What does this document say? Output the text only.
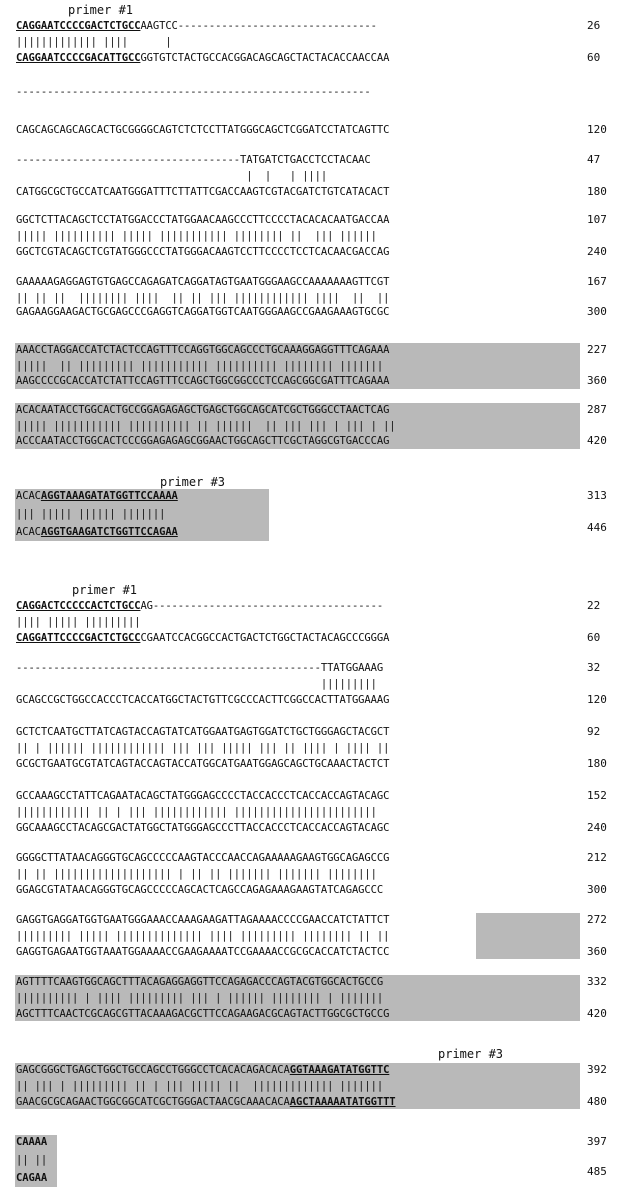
primer #1
CAGGAATCCCCGACTCTGCCAAGTCC--------------------------------
||||||||||||| ||||      |
CAGGAATCCCCGACATTGCCGGTGTCTACTGCCACGGACAGCAGCTACTACACCAACCAA
26
60
---------------------------------------------------------
CAGCAGCAGCAGCACTGCGGGGCAGTCTCTCCTTATGGGCAGCTCGGATCCTATCAGTTC	120
------------------------------------TATGATCTGACCTCCTACAAC
|  |   | ||||
CATGGCGCTGCCATCAATGGGATTTCTTATTCGACCAAGTCGTACGATCTGTCATACACT
47
180
GGCTCTTACAGCTCCTATGGACCCTATGGAACAAGCCCTTCCCCTACACACAATGACCAA
||||| |||||||||| ||||| ||||||||||| |||||||| ||  ||| ||||||
GGCTCGTACAGCTCGTATGGGCCCTATGGGACAAGTCCTTCCCCTCCTCACAACGACCAG
107
240
GAAAAAGAGGAGTGTGAGCCAGAGATCAGGATAGTGAATGGGAAGCCAAAAAAAGTTCGT
|| || ||  |||||||| ||||  || || ||| |||||||||||| ||||  ||  ||
GAGAAGGAAGACTGCGAGCCCGAGGTCAGGATGGTCAATGGGAAGCCGAAGAAAGTGCGC
167
300
AAACCTAGGACCATCTACTCCAGTTTCCAGGTGGCAGCCCTGCAAAGGAGGTTTCAGAAA
|||||  || ||||||||| ||||||||||| |||||||||| |||||||| |||||||
AAGCCCCGCACCATCTATTCCAGTTTCCAGCTGGCGGCCCTCCAGCGGCGATTTCAGAAA
227
360
ACACAATACCTGGCACTGCCGGAGAGAGCTGAGCTGGCAGCATCGCTGGGCCTAACTCAG
||||| ||||||||||| |||||||||| || ||||||  || ||| ||| | ||| | ||
ACCCAATACCTGGCACTCCCGGAGAGAGCGGAACTGGCAGCTTCGCTAGGCGTGACCCAG
287
420
primer #3
ACACAGGTAAAGATATGGTTCCAAAA
||| ||||| |||||| |||||||
ACACAGGTGAAGATCTGGTTCCAGAA
313
446
primer #1
CAGGACTCCCCCACTCTGCCAG-------------------------------------
|||| ||||| |||||||||
CAGGATTCCCCGACTCTGCCCGAATCCACGGCCACTGACTCTGGCTACTACAGCCCGGGA
22
60
-------------------------------------------------TTATGGAAAG
|||||||||
GCAGCCGCTGGCCACCCTCACCATGGCTACTGTTCGCCCACTTCGGCCACTTATGGAAAG
32
120
GCTCTCAATGCTTATCAGTACCAGTATCATGGAATGAGTGGATCTGCTGGGAGCTACGCT
|| | |||||| |||||||||||| ||| ||| ||||| ||| || |||| | |||| ||
GCGCTGAATGCGTATCAGTACCAGTACCATGGCATGAATGGAGCAGCTGCAAACTACTCT
92
180
GCCAAAGCCTATTCAGAATACAGCTATGGGAGCCCCTACCACCCTCACCACCAGTACAGC
|||||||||||| || | ||| |||||||||||| |||||||||||||||||||||||
GGCAAAGCCTACAGCGACTATGGCTATGGGAGCCCTTACCACCCTCACCACCAGTACAGC
152
240
GGGGCTTATAACAGGGTGCAGCCCCCAAGTACCCAACCAGAAAAAGAAGTGGCAGAGCCG
|| || ||||||||||||||||||| | || || ||||||| ||||||| ||||||||
GGAGCGTATAACAGGGTGCAGCCCCCAGCACTCAGCCAGAGAAAGAAGTATCAGAGCCC
212
300
GAGGTGAGGATGGTGAATGGGAAACCAAAGAAGATTAGAAAACCCCGAACCATCTATTCT
||||||||| ||||| |||||||||||||| |||| ||||||||| |||||||| || ||
GAGGTGAGAATGGTAAATGGAAAACCGAAGAAAATCCGAAAACCGCGCACCATCTACTCC
272
360
AGTTTTCAAGTGGCAGCTTTACAGAGGAGGTTCCAGAGACCCAGTACGTGGCACTGCCG
|||||||||| | |||| ||||||||| ||| | |||||| |||||||| | |||||||
AGCTTTCAACTCGCAGCGTTACAAAGACGCTTCCAGAAGACGCAGTACTTGGCGCTGCCG
332
420
primer #3
GAGCGGGCTGAGCTGGCTGCCAGCCTGGGCCTCACACAGACACAGGTAAAGATATGGTTC
|| ||| | ||||||||| || | ||| ||||| ||  ||||||||||||| |||||||
GAACGCGCAGAACTGGCGGCATCGCTGGGACTAACGCAAACACAAGCTAAAAATATGGTTT
392
480
CAAAA
|| ||
CAGAA
397
485
